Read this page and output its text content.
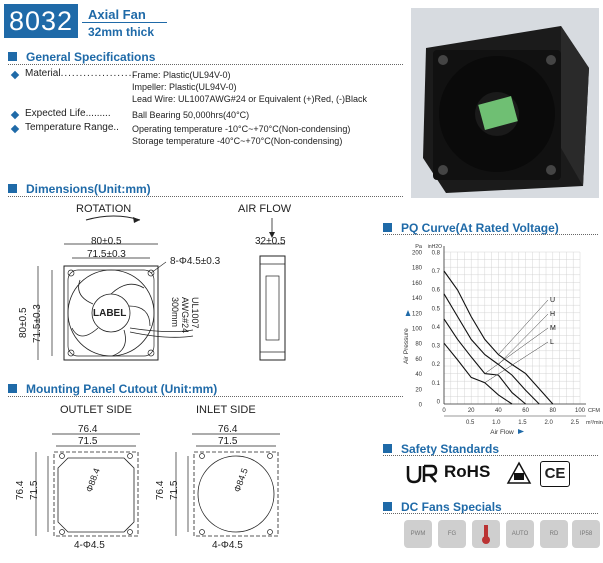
8032	Axial Fan
32mm thick
General Specifications
Material....................
Frame: Plastic(UL94V-0)
Impeller: Plastic(UL94V-0)
Lead Wire: UL1007AWG#24 or Equivalent (+)Red, (-)Black
Expected Life......... Ball Bearing 50,000hrs(40°C)
Temperature Range.. Operating temperature -10°C~+70°C(Non-condensing)
Storage temperature -40°C~+70°C(Non-condensing)
Dimensions(Unit:mm)
ROTATION	AIR FLOW
80±0.5
71.5±0.3
8-Φ4.5±0.3
80±0.5 71.5±0.3	LABEL	UL1007
AWG#24
300mm
32±0.5
Mounting Panel Cutout (Unit:mm)
OUTLET SIDE	INLET SIDE
76.4
71.5
Φ88.4
76.4 71.5
4-Φ4.5
76.4
71.5
Φ84.5
76.4 71.5
4-Φ4.5
PQ Curve(At Rated Voltage)
200
180
160
140
120
100
80
60
40
20
0
0.8
0.7
0.6
0.5
0.4
0.3
0.2
0.1
0
Pa inH2O
Air Pressure
0	20	40	60	80	100 CFM
0.5	1.0	1.5	2.0	2.5 m³/min
Air Flow
U
H
M
L
Safety Standards
RoHS	CE
DC Fans Specials
PWM	FG	AUTO	RD	IP58
